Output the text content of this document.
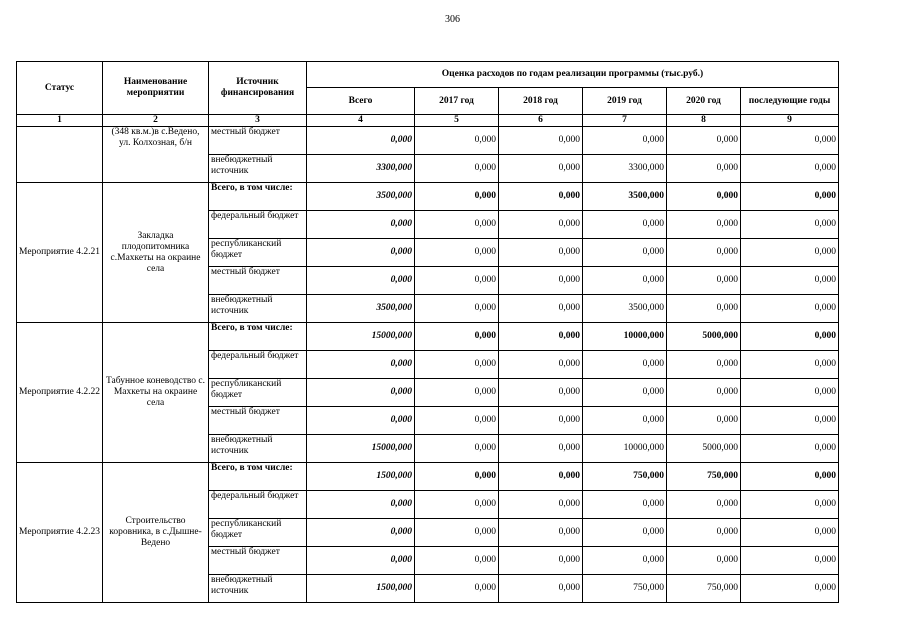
306
Статус	Наименование мероприятии	Источник финансирования	Оценка расходов по годам реализации программы (тыс.руб.)					
			Всего	2017 год	2018 год	2019 год	2020 год	последующие годы
1	2	3	4	5	6	7	8	9
	(348 кв.м.)в с.Ведено, ул. Колхозная, б/н	местный бюджет	0,000	0,000	0,000	0,000	0,000	0,000
		внебюджетный источник	3300,000	0,000	0,000	3300,000	0,000	0,000
Мероприятие 4.2.21	Закладка плодопитомника с.Махкеты на окраине села	Всего, в том числе:	3500,000	0,000	0,000	3500,000	0,000	0,000
		федеральный бюджет	0,000	0,000	0,000	0,000	0,000	0,000
		республиканский бюджет	0,000	0,000	0,000	0,000	0,000	0,000
		местный бюджет	0,000	0,000	0,000	0,000	0,000	0,000
		внебюджетный источник	3500,000	0,000	0,000	3500,000	0,000	0,000
Мероприятие 4.2.22	Табунное коневодство с. Махкеты на окраине села	Всего, в том числе:	15000,000	0,000	0,000	10000,000	5000,000	0,000
		федеральный бюджет	0,000	0,000	0,000	0,000	0,000	0,000
		республиканский бюджет	0,000	0,000	0,000	0,000	0,000	0,000
		местный бюджет	0,000	0,000	0,000	0,000	0,000	0,000
		внебюджетный источник	15000,000	0,000	0,000	10000,000	5000,000	0,000
Мероприятие 4.2.23	Строительство коровника, в с.Дышне-Ведено	Всего, в том числе:	1500,000	0,000	0,000	750,000	750,000	0,000
		федеральный бюджет	0,000	0,000	0,000	0,000	0,000	0,000
		республиканский бюджет	0,000	0,000	0,000	0,000	0,000	0,000
		местный бюджет	0,000	0,000	0,000	0,000	0,000	0,000
		внебюджетный источник	1500,000	0,000	0,000	750,000	750,000	0,000
